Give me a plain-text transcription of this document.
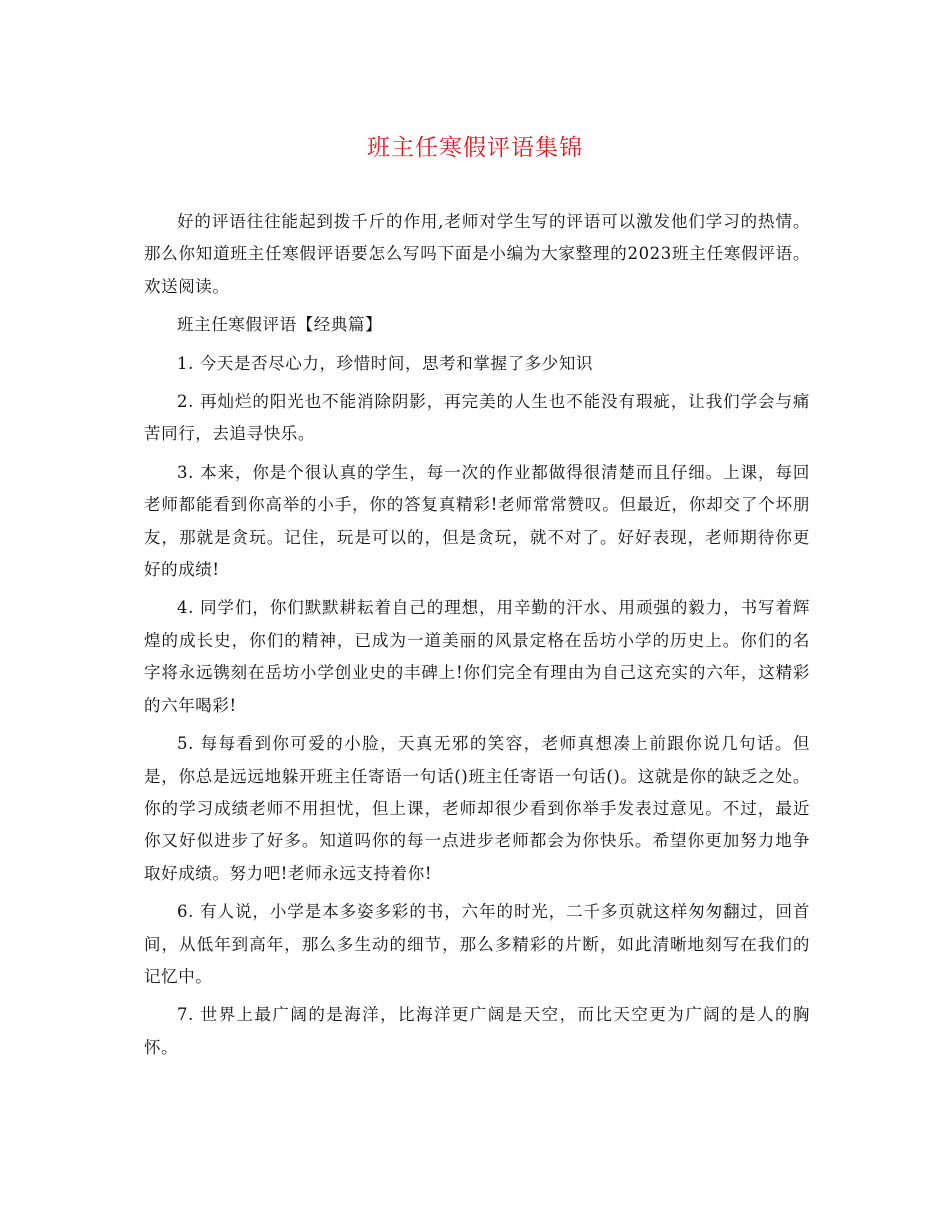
班主任寒假评语集锦

好的评语往往能起到拨千斤的作用,老师对学生写的评语可以激发他们学习的热情。那么你知道班主任寒假评语要怎么写吗下面是小编为大家整理的2023班主任寒假评语。欢送阅读。

班主任寒假评语【经典篇】

1. 今天是否尽心力，珍惜时间，思考和掌握了多少知识

2. 再灿烂的阳光也不能消除阴影，再完美的人生也不能没有瑕疵，让我们学会与痛苦同行，去追寻快乐。

3. 本来，你是个很认真的学生，每一次的作业都做得很清楚而且仔细。上课，每回老师都能看到你高举的小手，你的答复真精彩!老师常常赞叹。但最近，你却交了个坏朋友，那就是贪玩。记住，玩是可以的，但是贪玩，就不对了。好好表现，老师期待你更好的成绩!

4. 同学们，你们默默耕耘着自己的理想，用辛勤的汗水、用顽强的毅力，书写着辉煌的成长史，你们的精神，已成为一道美丽的风景定格在岳坊小学的历史上。你们的名字将永远镌刻在岳坊小学创业史的丰碑上!你们完全有理由为自己这充实的六年，这精彩的六年喝彩!

5. 每每看到你可爱的小脸，天真无邪的笑容，老师真想凑上前跟你说几句话。但是，你总是远远地躲开班主任寄语一句话()班主任寄语一句话()。这就是你的缺乏之处。你的学习成绩老师不用担忧，但上课，老师却很少看到你举手发表过意见。不过，最近你又好似进步了好多。知道吗你的每一点进步老师都会为你快乐。希望你更加努力地争取好成绩。努力吧!老师永远支持着你!

6. 有人说，小学是本多姿多彩的书，六年的时光，二千多页就这样匆匆翻过，回首间，从低年到高年，那么多生动的细节，那么多精彩的片断，如此清晰地刻写在我们的记忆中。

7. 世界上最广阔的是海洋，比海洋更广阔是天空，而比天空更为广阔的是人的胸怀。
